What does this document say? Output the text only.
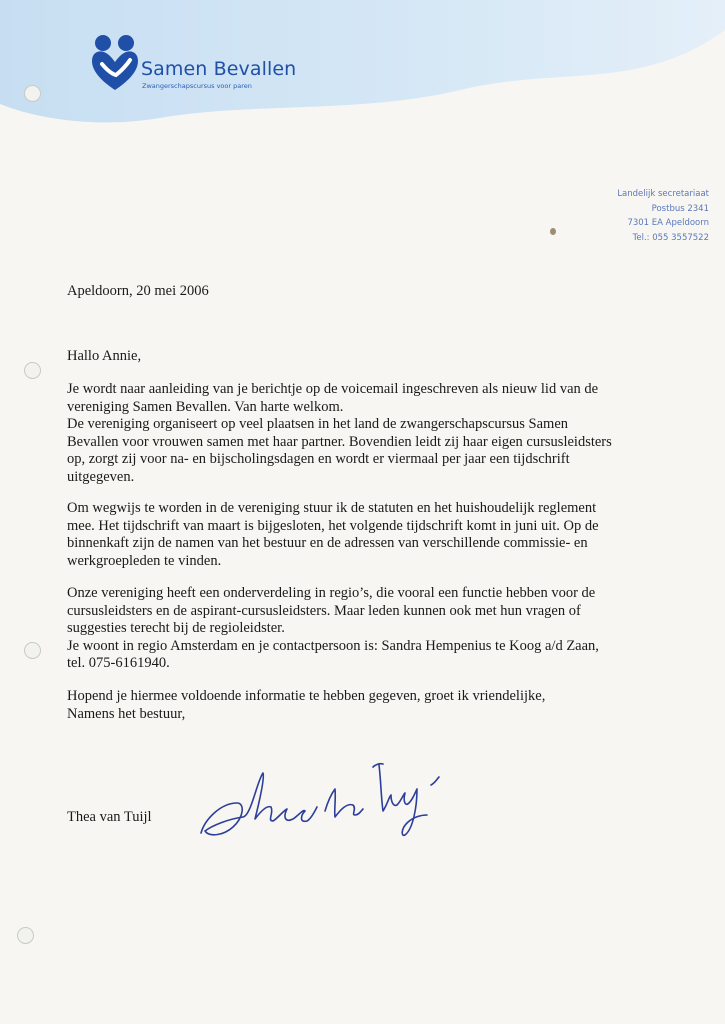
Samen Bevallen
Zwangerschapscursus voor paren
Landelijk secretariaat
Postbus 2341
7301 EA Apeldoorn
Tel.: 055 3557522
Apeldoorn, 20 mei 2006
Hallo Annie,
Je wordt naar aanleiding van je berichtje op de voicemail ingeschreven als nieuw lid van de
vereniging Samen Bevallen. Van harte welkom.
De vereniging organiseert op veel plaatsen in het land de zwangerschapscursus Samen
Bevallen voor vrouwen samen met haar partner. Bovendien leidt zij haar eigen cursusleidsters
op, zorgt zij voor na- en bijscholingsdagen en wordt er viermaal per jaar een tijdschrift
uitgegeven.
Om wegwijs te worden in de vereniging stuur ik de statuten en het huishoudelijk reglement
mee. Het tijdschrift van maart is bijgesloten, het volgende tijdschrift komt in juni uit. Op de
binnenkaft zijn de namen van het bestuur en de adressen van verschillende commissie- en
werkgroepleden te vinden.
Onze vereniging heeft een onderverdeling in regio’s, die vooral een functie hebben voor de
cursusleidsters en de aspirant-cursusleidsters. Maar leden kunnen ook met hun vragen of
suggesties terecht bij de regioleidster.
Je woont in regio Amsterdam en je contactpersoon is: Sandra Hempenius te Koog a/d Zaan,
tel. 075-6161940.
Hopend je hiermee voldoende informatie te hebben gegeven, groet ik vriendelijke,
Namens het bestuur,
Thea van Tuijl
